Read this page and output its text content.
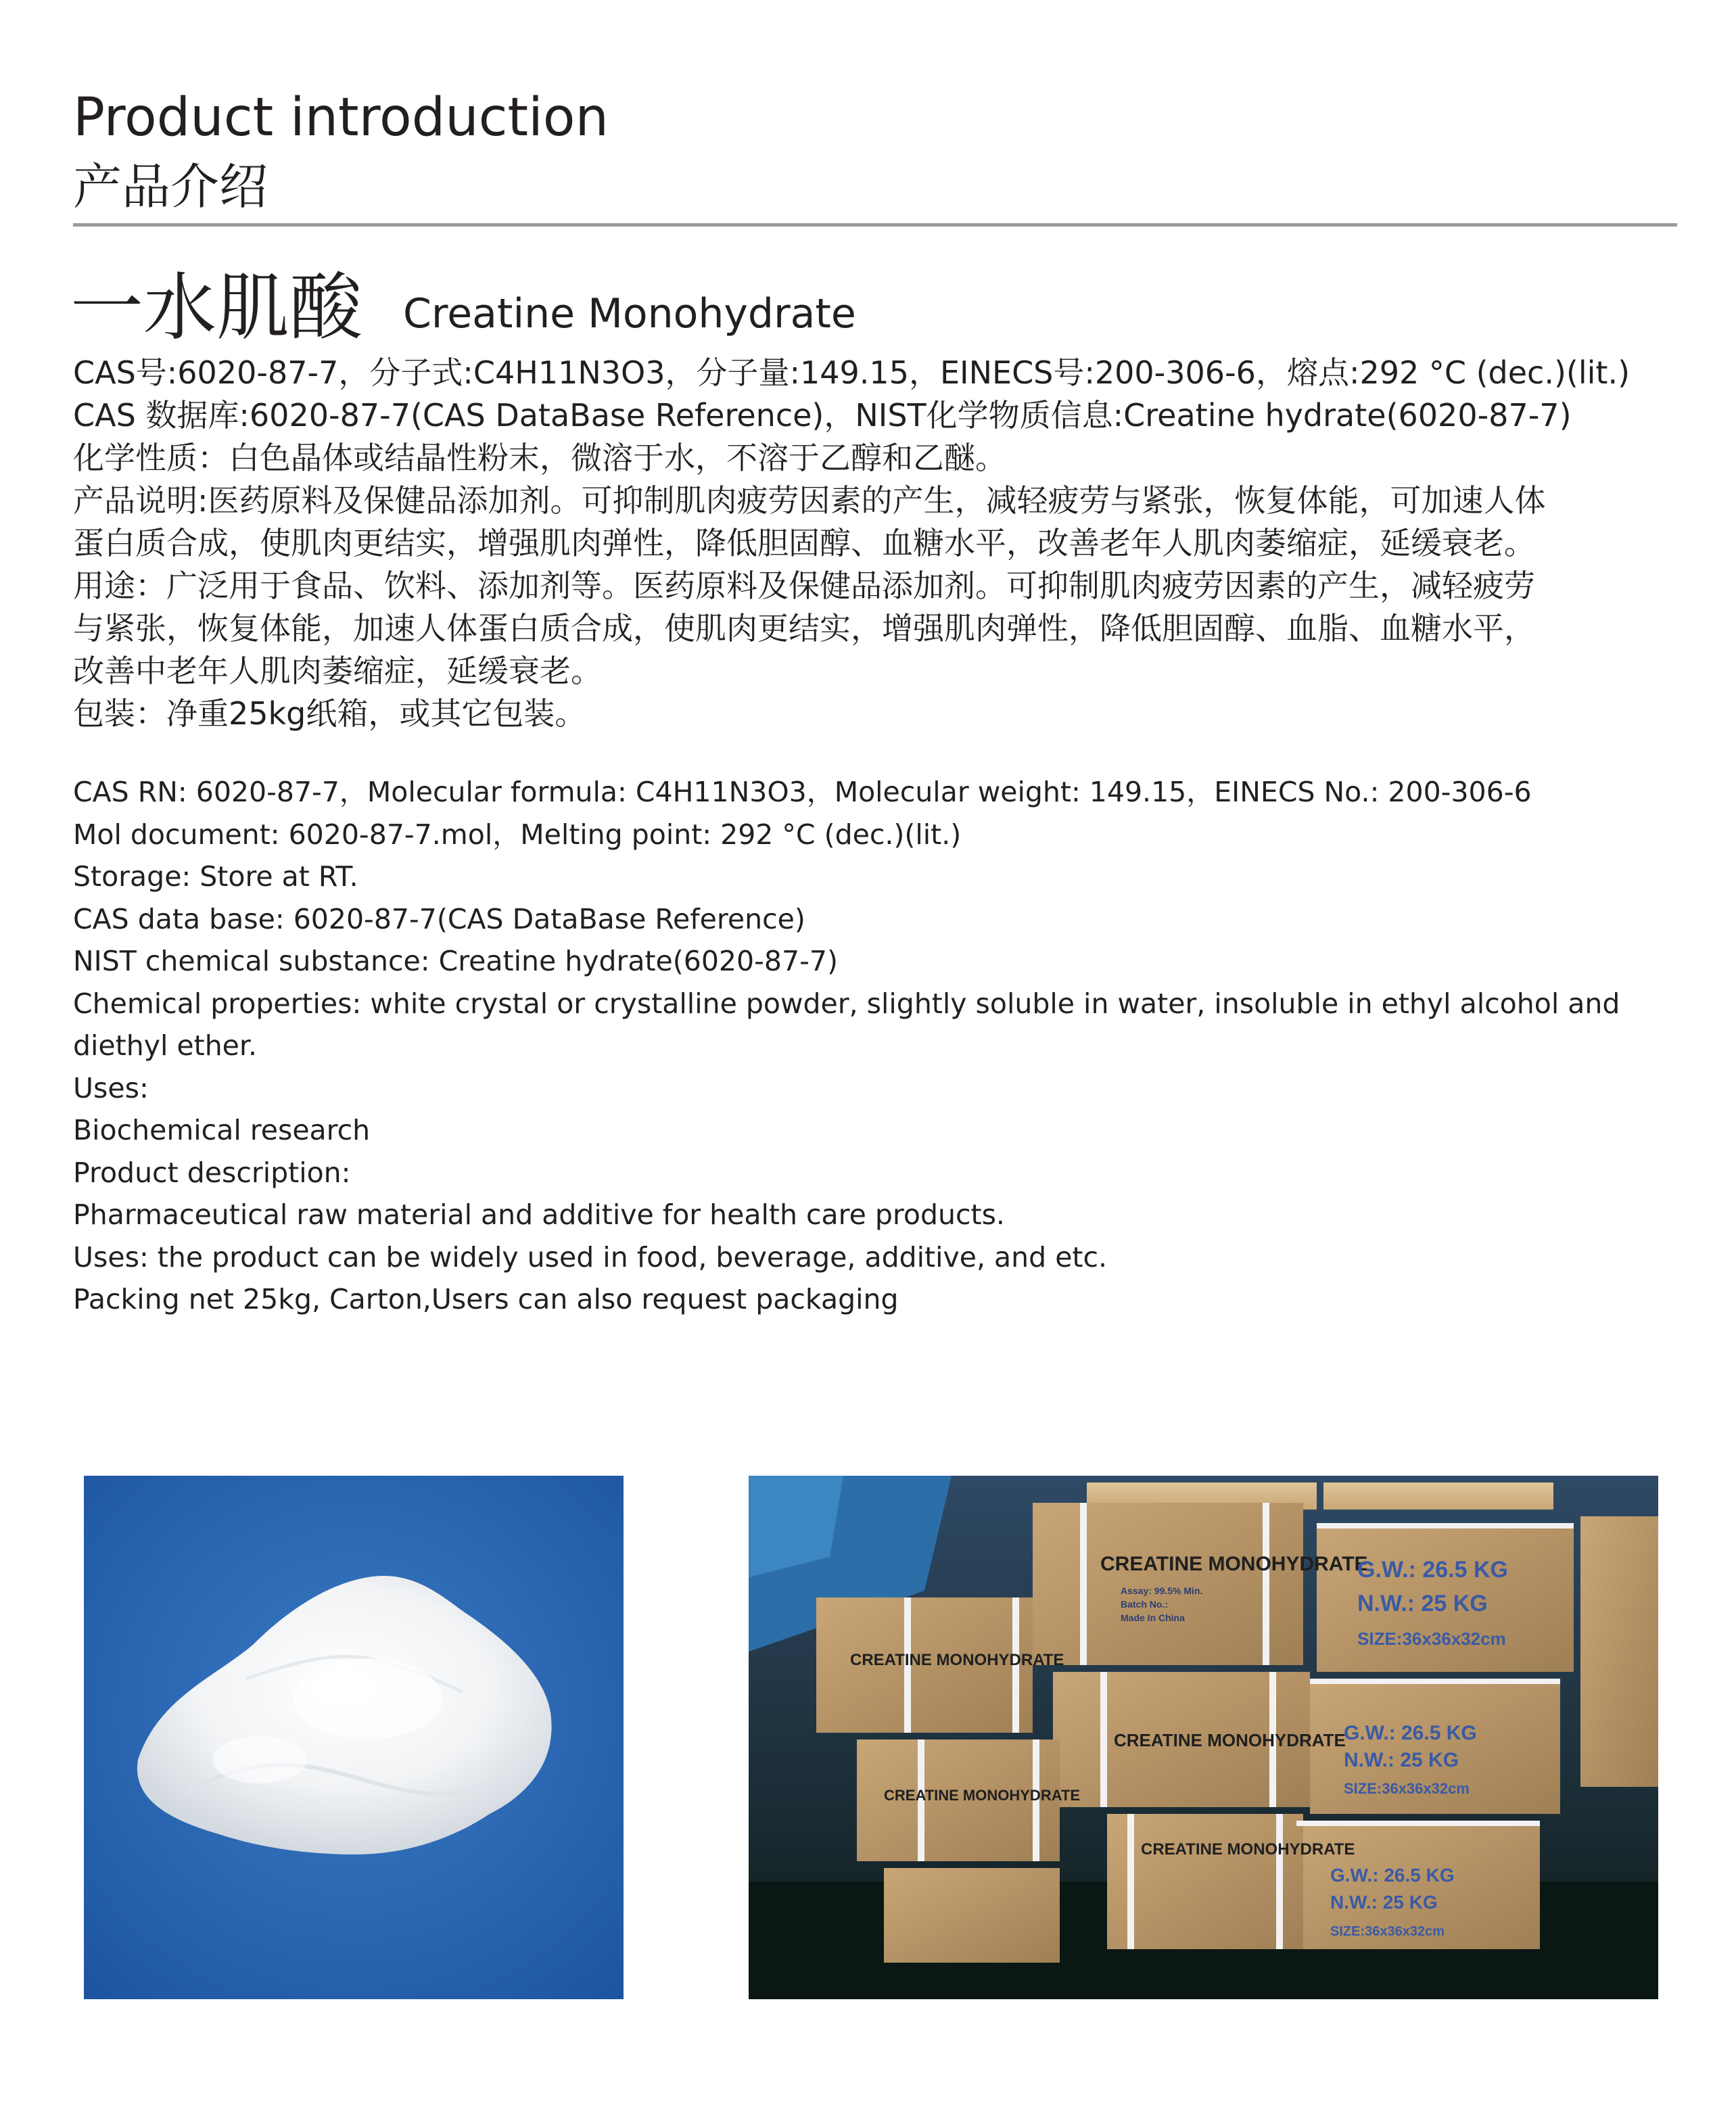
Product introduction
产品介绍
一水肌酸 Creatine Monohydrate
CAS号:6020-87-7，分子式:C4H11N3O3，分子量:149.15，EINECS号:200-306-6，熔点:292 °C (dec.)(lit.)
CAS 数据库:6020-87-7(CAS DataBase Reference)，NIST化学物质信息:Creatine hydrate(6020-87-7)
化学性质：白色晶体或结晶性粉末，微溶于水，不溶于乙醇和乙醚。
产品说明:医药原料及保健品添加剂。可抑制肌肉疲劳因素的产生，减轻疲劳与紧张，恢复体能，可加速人体
蛋白质合成，使肌肉更结实，增强肌肉弹性，降低胆固醇、血糖水平，改善老年人肌肉萎缩症，延缓衰老。
用途：广泛用于食品、饮料、添加剂等。医药原料及保健品添加剂。可抑制肌肉疲劳因素的产生，减轻疲劳
与紧张，恢复体能，加速人体蛋白质合成，使肌肉更结实，增强肌肉弹性，降低胆固醇、血脂、血糖水平，
改善中老年人肌肉萎缩症，延缓衰老。
包装：净重25kg纸箱，或其它包装。
CAS RN: 6020-87-7，Molecular formula: C4H11N3O3，Molecular weight: 149.15，EINECS No.: 200-306-6
Mol document: 6020-87-7.mol，Melting point: 292 °C (dec.)(lit.)
Storage: Store at RT.
CAS data base: 6020-87-7(CAS DataBase Reference)
NIST chemical substance: Creatine hydrate(6020-87-7)
Chemical properties: white crystal or crystalline powder, slightly soluble in water, insoluble in ethyl alcohol and diethyl ether.
Uses:
Biochemical research
Product description:
Pharmaceutical raw material and additive for health care products.
Uses: the product can be widely used in food, beverage, additive, and etc.
Packing net 25kg, Carton,Users can also request packaging
CREATINE MONOHYDRATE
Assay: 99.5% Min.
Batch No.:
Made In China
CREATINE MONOHYDRATE
CREATINE MONOHYDRATE
CREATINE MONOHYDRATE
CREATINE MONOHYDRATE
G.W.: 26.5 KG
N.W.: 25 KG
SIZE:36x36x32cm
G.W.: 26.5 KG
N.W.: 25 KG
SIZE:36x36x32cm
G.W.: 26.5 KG
N.W.: 25 KG
SIZE:36x36x32cm
